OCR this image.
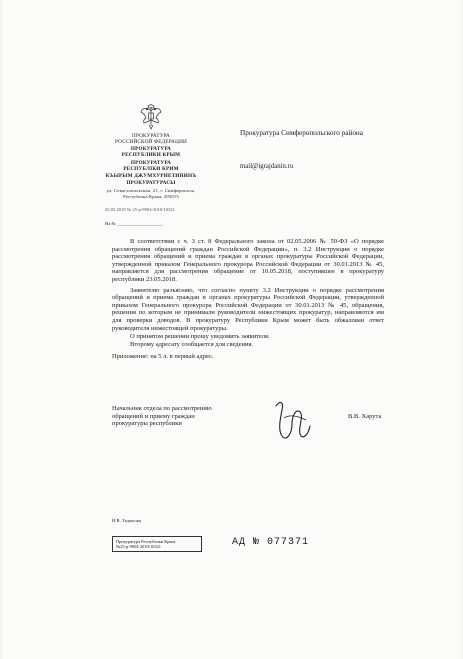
ПРОКУРАТУРА
РОССИЙСКОЙ ФЕДЕРАЦИИ
ПРОКУРАТУРА
РЕСПУБЛИКИ КРЫМ
ПРОКУРАТУРА
РЕСПУБЛІКИ КРИМ
КЪЫРЫМ ДЖУМХУРИЕТИНИНЪ
ПРОКУРАТУРАСЫ
ул. Севастопольская, 21, г. Симферополь,
Республика Крым, 295015
25.05.2018 № 25-р-9904-2018/10321
На № ____________________
Прокуратура Симферопольского района
mail@igrajdanin.ru

В соответствии с ч. 3 ст. 8 Федерального закона от 02.05.2006 № 59-ФЗ «О порядке рассмотрения обращений граждан Российской Федерации», п. 3.2 Инструкции о порядке рассмотрения обращений и приема граждан в органах прокуратуры Российской Федерации, утвержденной приказом Генерального прокурора Российской Федерации от 30.01.2013 № 45, направляется для рассмотрения обращение от 10.05.2018, поступившее в прокуратуру республики 23.05.2018.

Заявителю разъясняю, что согласно пункту 3.2 Инструкции о порядке рассмотрения обращений и приема граждан в органах прокуратуры Российской Федерации, утвержденной приказом Генерального прокурора Российской Федерации от 30.01.2013 № 45, обращения, решения по которым не принимали руководители нижестоящих прокуратур, направляются им для проверки доводов. В прокуратуру Республики Крым может быть обжалован ответ руководителя нижестоящей прокуратуры.

О принятом решении прошу уведомить заявителя.

Второму адресату сообщается для сведения.

Приложение: на 5 л. в первый адрес.

Начальник отдела по рассмотрению
обращений и приему граждан
прокуратуры республики
В.В. Харута
Н.В. Таджосян
Прокуратура Республики Крым
№25-р-9904-2018/10321	АД № 077371
